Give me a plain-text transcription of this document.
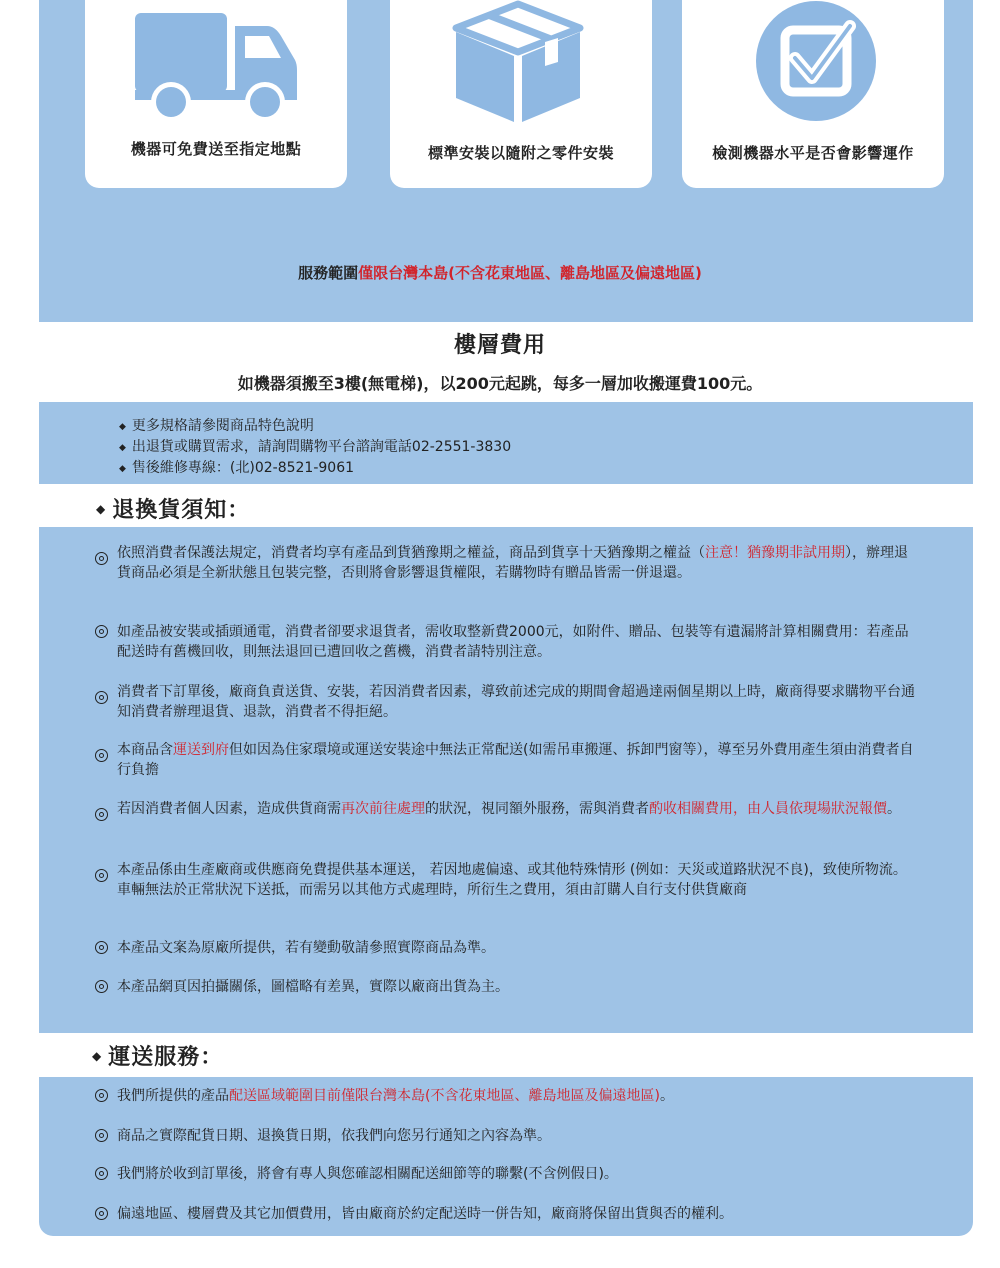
機器可免費送至指定地點	標準安裝以隨附之零件安裝	檢測機器水平是否會影響運作
服務範圍僅限台灣本島(不含花東地區、離島地區及偏遠地區)
樓層費用
如機器須搬至3樓(無電梯)，以200元起跳，每多一層加收搬運費100元。
◆ 更多規格請參閱商品特色說明
◆ 出退貨或購買需求，請詢問購物平台諮詢電話02-2551-3830
◆ 售後維修專線：(北)02-8521-9061
◆ 退換貨須知：
依照消費者保護法規定，消費者均享有產品到貨猶豫期之權益，商品到貨享十天猶豫期之權益（注意！猶豫期非試用期），辦理退貨商品必須是全新狀態且包裝完整，否則將會影響退貨權限，若購物時有贈品皆需一併退還。
如產品被安裝或插頭通電，消費者卻要求退貨者，需收取整新費2000元，如附件、贈品、包裝等有遺漏將計算相關費用：若產品配送時有舊機回收，則無法退回已遭回收之舊機，消費者請特別注意。
消費者下訂單後，廠商負責送貨、安裝，若因消費者因素，導致前述完成的期間會超過達兩個星期以上時，廠商得要求購物平台通知消費者辦理退貨、退款，消費者不得拒絕。
本商品含運送到府但如因為住家環境或運送安裝途中無法正常配送(如需吊車搬運、拆卸門窗等），導至另外費用產生須由消費者自行負擔
若因消費者個人因素，造成供貨商需再次前往處理的狀況，視同額外服務，需與消費者酌收相關費用，由人員依現場狀況報價。
本產品係由生產廠商或供應商免費提供基本運送， 若因地處偏遠、或其他特殊情形 (例如：天災或道路狀況不良)，致使所物流。車輛無法於正常狀況下送抵，而需另以其他方式處理時，所衍生之費用，須由訂購人自行支付供貨廠商
本產品文案為原廠所提供，若有變動敬請參照實際商品為準。
本產品網頁因拍攝關係，圖檔略有差異，實際以廠商出貨為主。
◆ 運送服務：
我們所提供的產品配送區域範圍目前僅限台灣本島(不含花東地區、離島地區及偏遠地區)。
商品之實際配貨日期、退換貨日期，依我們向您另行通知之內容為準。
我們將於收到訂單後，將會有專人與您確認相關配送細節等的聯繫(不含例假日)。
偏遠地區、樓層費及其它加價費用，皆由廠商於約定配送時一併告知，廠商將保留出貨與否的權利。
